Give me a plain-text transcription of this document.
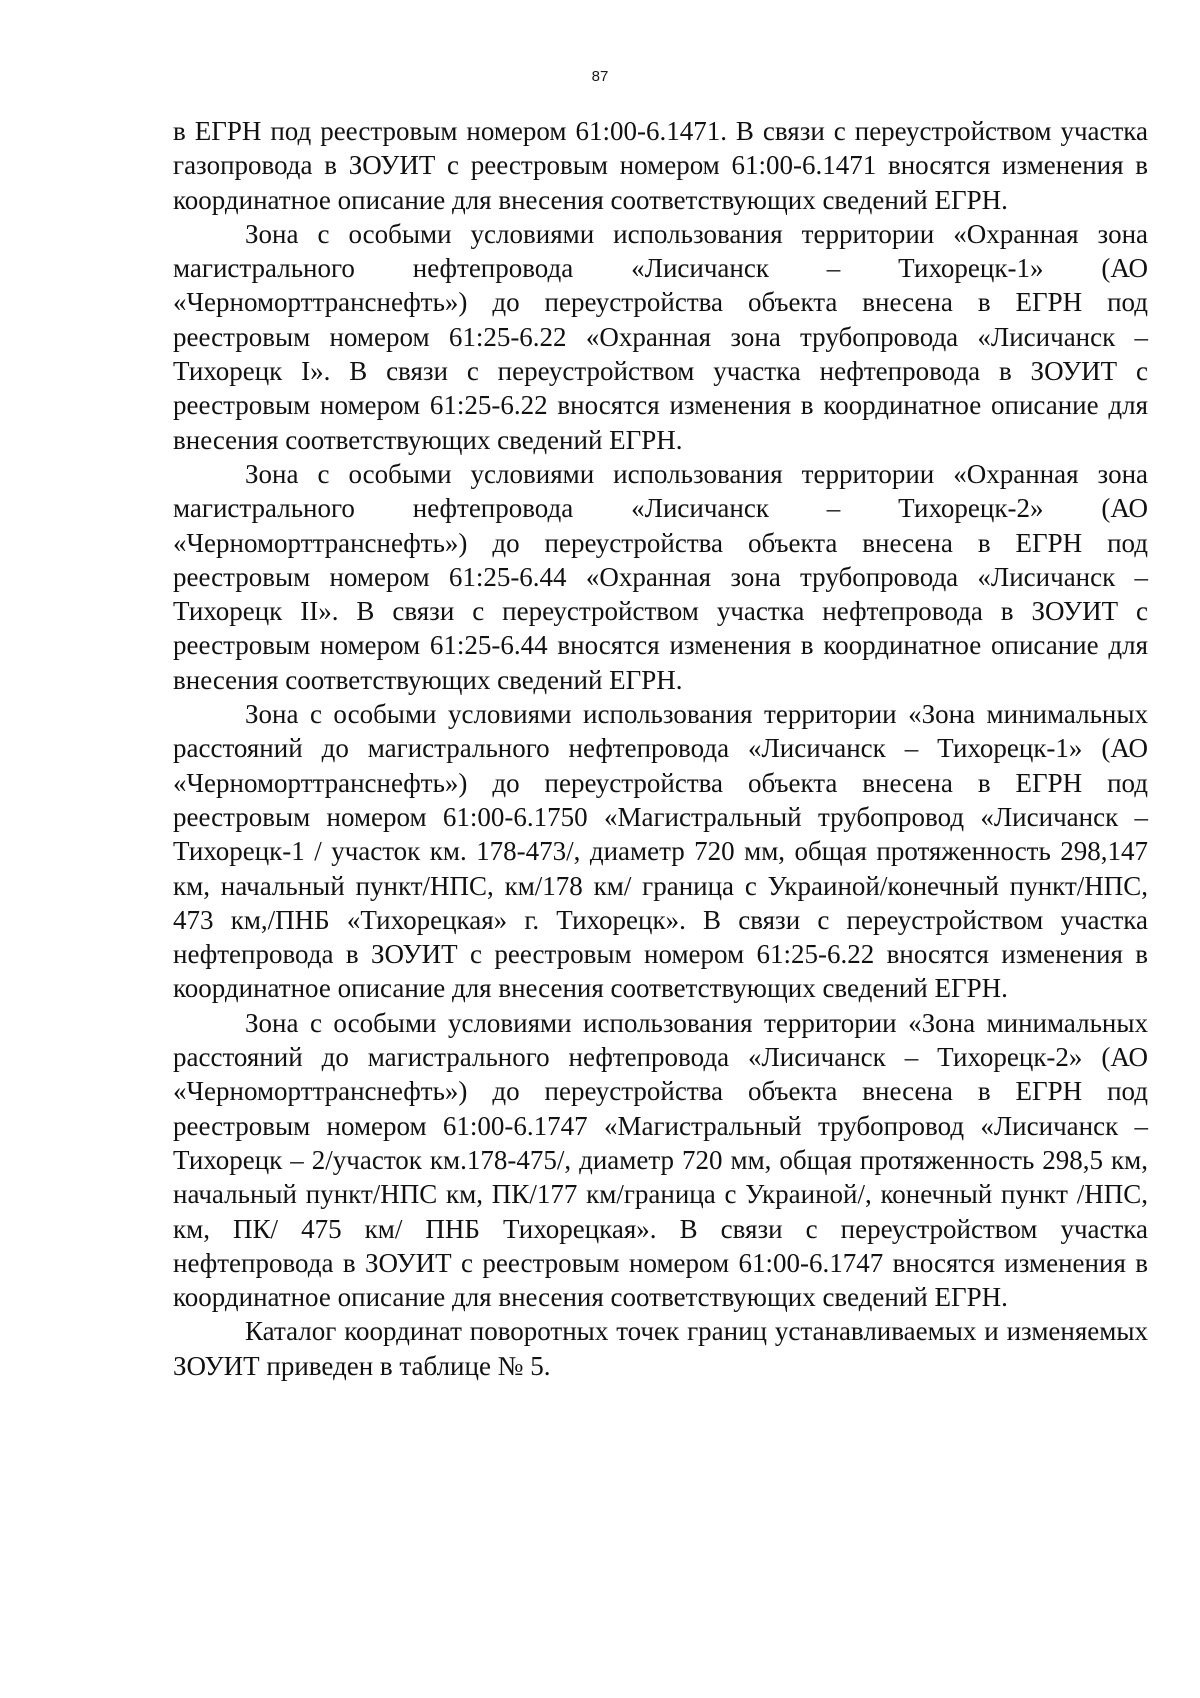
87

в ЕГРН под реестровым номером 61:00-6.1471. В связи с переустройством участка газопровода в ЗОУИТ с реестровым номером 61:00-6.1471 вносятся изменения в координатное описание для внесения соответствующих сведений ЕГРН.

Зона с особыми условиями использования территории «Охранная зона магистрального нефтепровода «Лисичанск – Тихорецк-1» (АО «Черноморттранснефть») до переустройства объекта внесена в ЕГРН под реестровым номером 61:25-6.22 «Охранная зона трубопровода «Лисичанск – Тихорецк I». В связи с переустройством участка нефтепровода в ЗОУИТ с реестровым номером 61:25-6.22 вносятся изменения в координатное описание для внесения соответствующих сведений ЕГРН.

Зона с особыми условиями использования территории «Охранная зона магистрального нефтепровода «Лисичанск – Тихорецк-2» (АО «Черноморттранснефть») до переустройства объекта внесена в ЕГРН под реестровым номером 61:25-6.44 «Охранная зона трубопровода «Лисичанск – Тихорецк II». В связи с переустройством участка нефтепровода в ЗОУИТ с реестровым номером 61:25-6.44 вносятся изменения в координатное описание для внесения соответствующих сведений ЕГРН.

Зона с особыми условиями использования территории «Зона минимальных расстояний до магистрального нефтепровода «Лисичанск – Тихорецк-1» (АО «Черноморттранснефть») до переустройства объекта внесена в ЕГРН под реестровым номером 61:00-6.1750 «Магистральный трубопровод «Лисичанск – Тихорецк-1 / участок км. 178-473/, диаметр 720 мм, общая протяженность 298,147 км, начальный пункт/НПС, км/178 км/ граница с Украиной/конечный пункт/НПС, 473 км,/ПНБ «Тихорецкая» г. Тихорецк». В связи с переустройством участка нефтепровода в ЗОУИТ с реестровым номером 61:25-6.22 вносятся изменения в координатное описание для внесения соответствующих сведений ЕГРН.

Зона с особыми условиями использования территории «Зона минимальных расстояний до магистрального нефтепровода «Лисичанск – Тихорецк-2» (АО «Черноморттранснефть») до переустройства объекта внесена в ЕГРН под реестровым номером 61:00-6.1747 «Магистральный трубопровод «Лисичанск – Тихорецк – 2/участок км.178-475/, диаметр 720 мм, общая протяженность 298,5 км, начальный пункт/НПС км, ПК/177 км/граница с Украиной/, конечный пункт /НПС, км, ПК/ 475 км/ ПНБ Тихорецкая». В связи с переустройством участка нефтепровода в ЗОУИТ с реестровым номером 61:00-6.1747 вносятся изменения в координатное описание для внесения соответствующих сведений ЕГРН.

Каталог координат поворотных точек границ устанавливаемых и изменяемых ЗОУИТ приведен в таблице № 5.
